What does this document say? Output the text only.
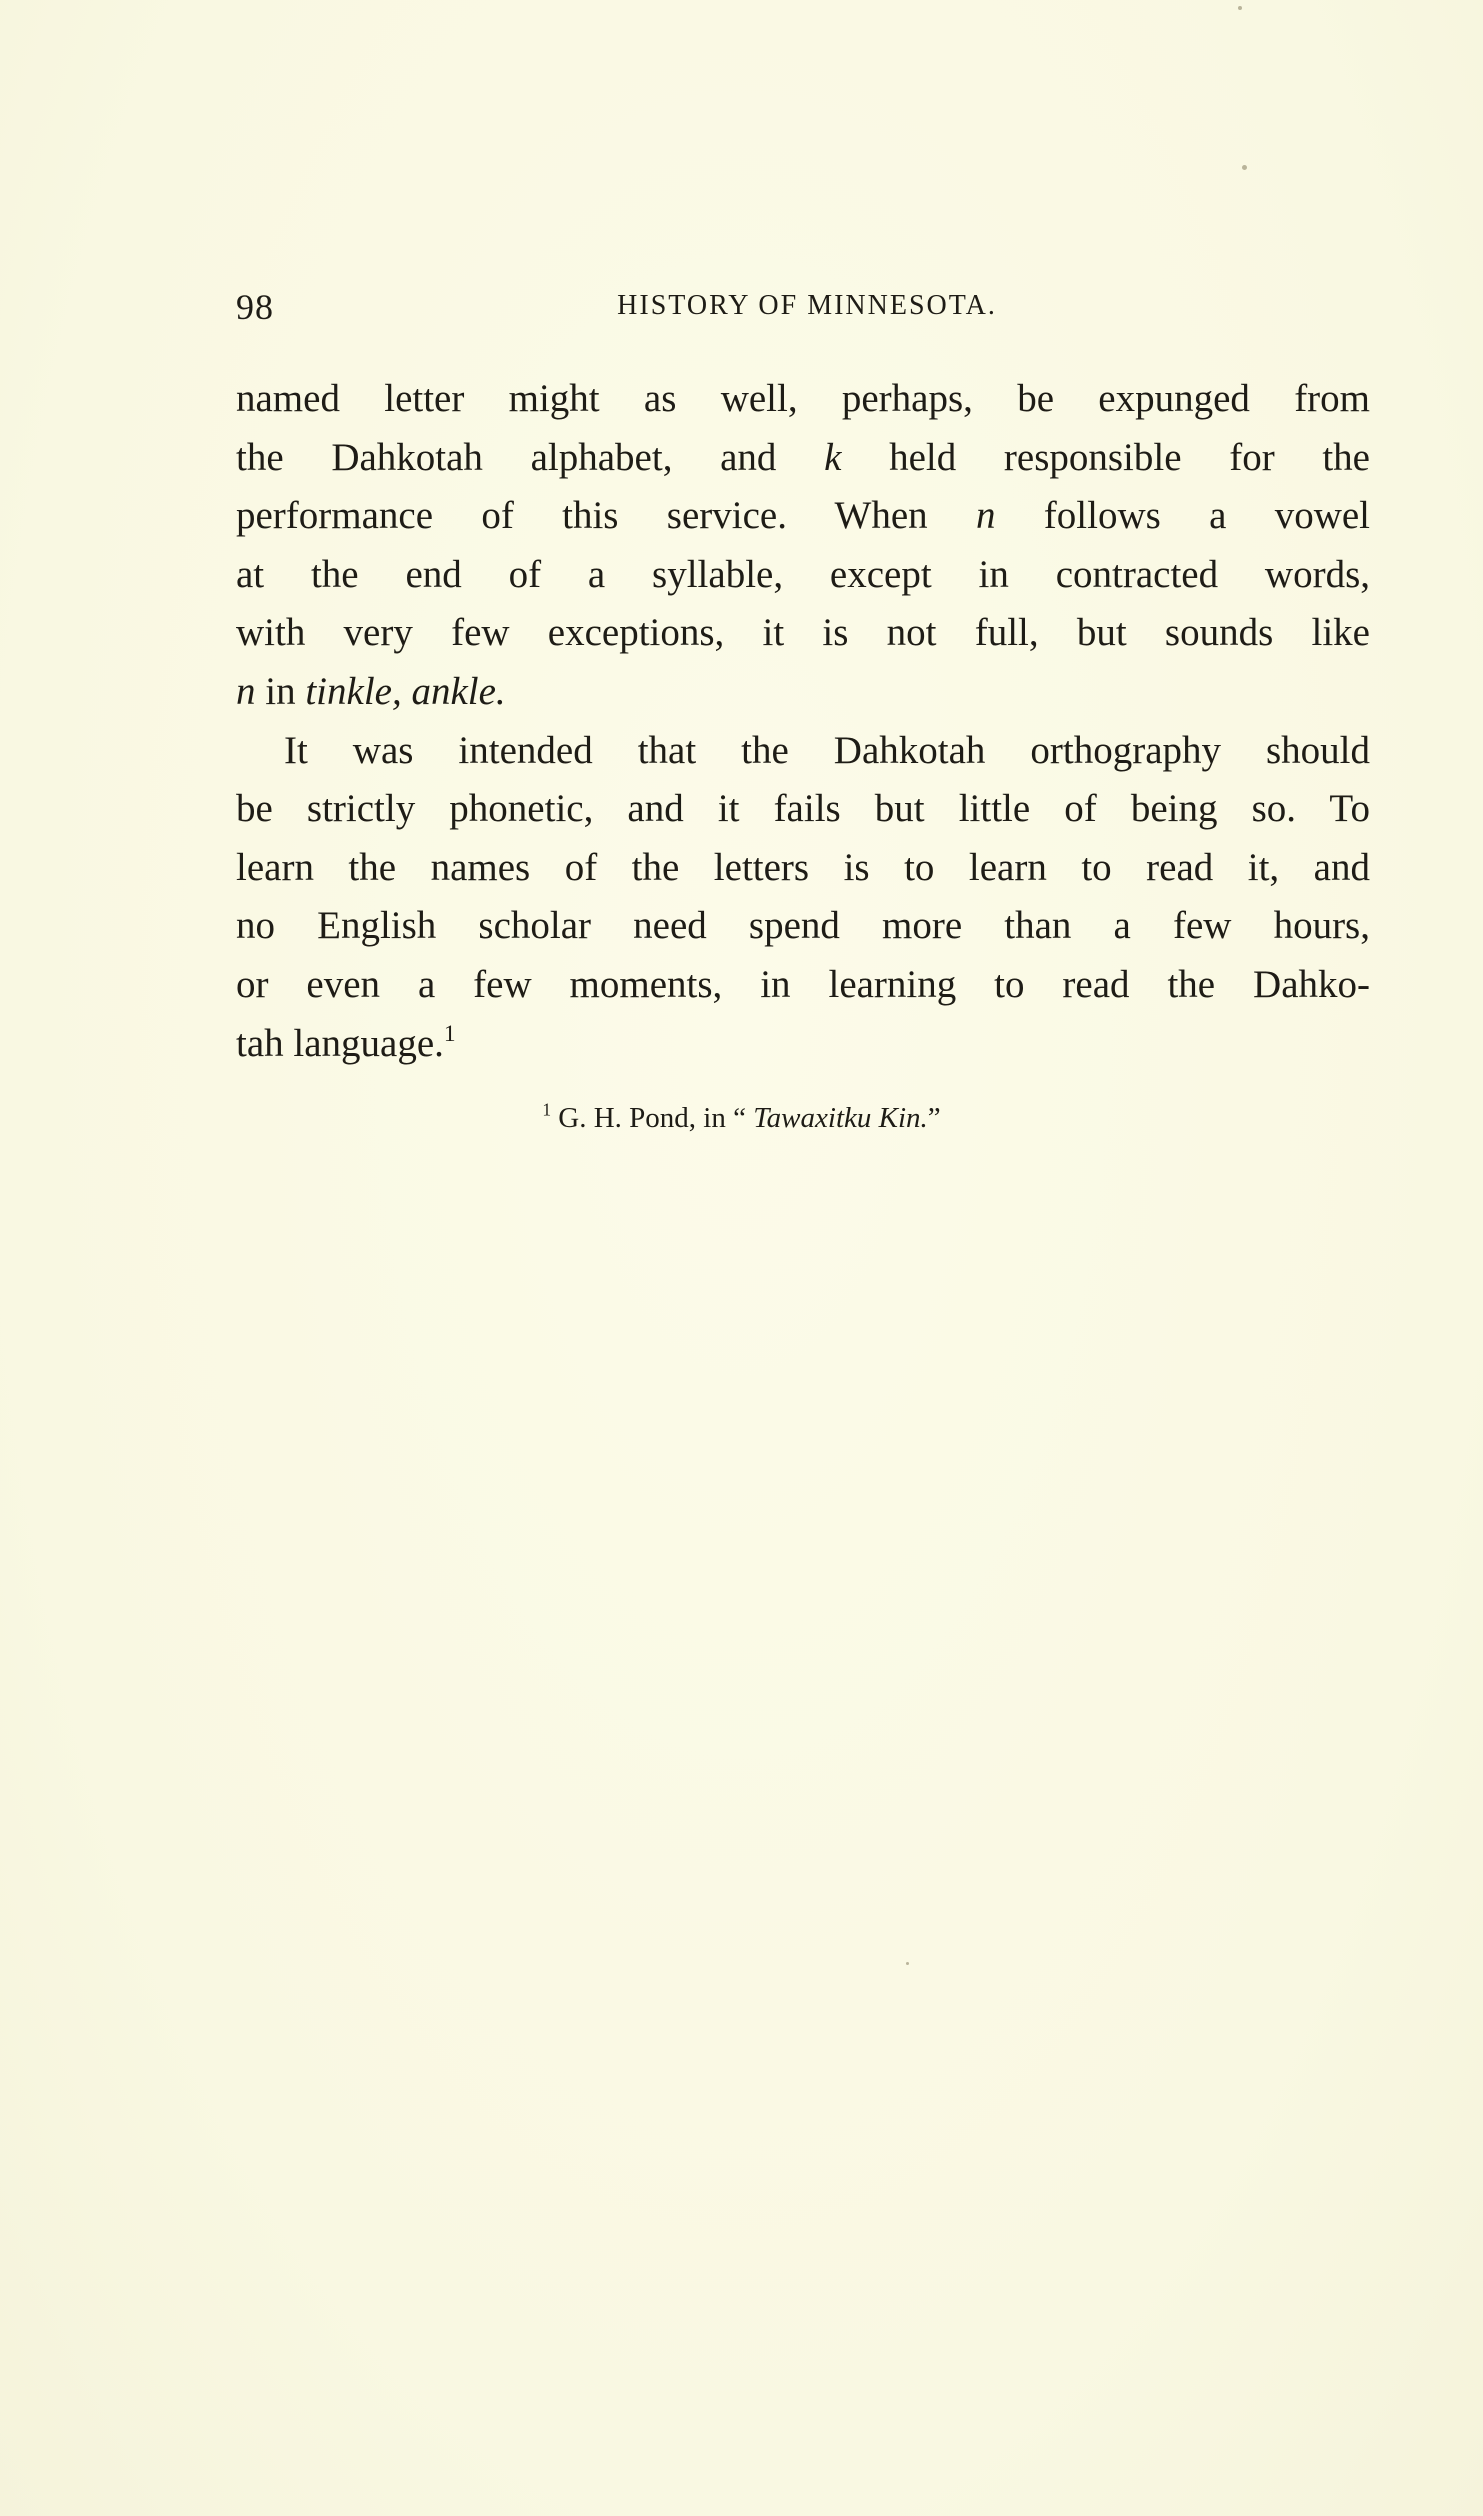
98	HISTORY OF MINNESOTA.
named letter might as well, perhaps, be expunged from
the Dahkotah alphabet, and k held responsible for the
performance of this service. When n follows a vowel
at the end of a syllable, except in contracted words,
with very few exceptions, it is not full, but sounds like
n in tinkle, ankle.
It was intended that the Dahkotah orthography should
be strictly phonetic, and it fails but little of being so. To
learn the names of the letters is to learn to read it, and
no English scholar need spend more than a few hours,
or even a few moments, in learning to read the Dahko-
tah language.$^1$
$^1$ G. H. Pond, in “ Tawaxitku Kin.”
